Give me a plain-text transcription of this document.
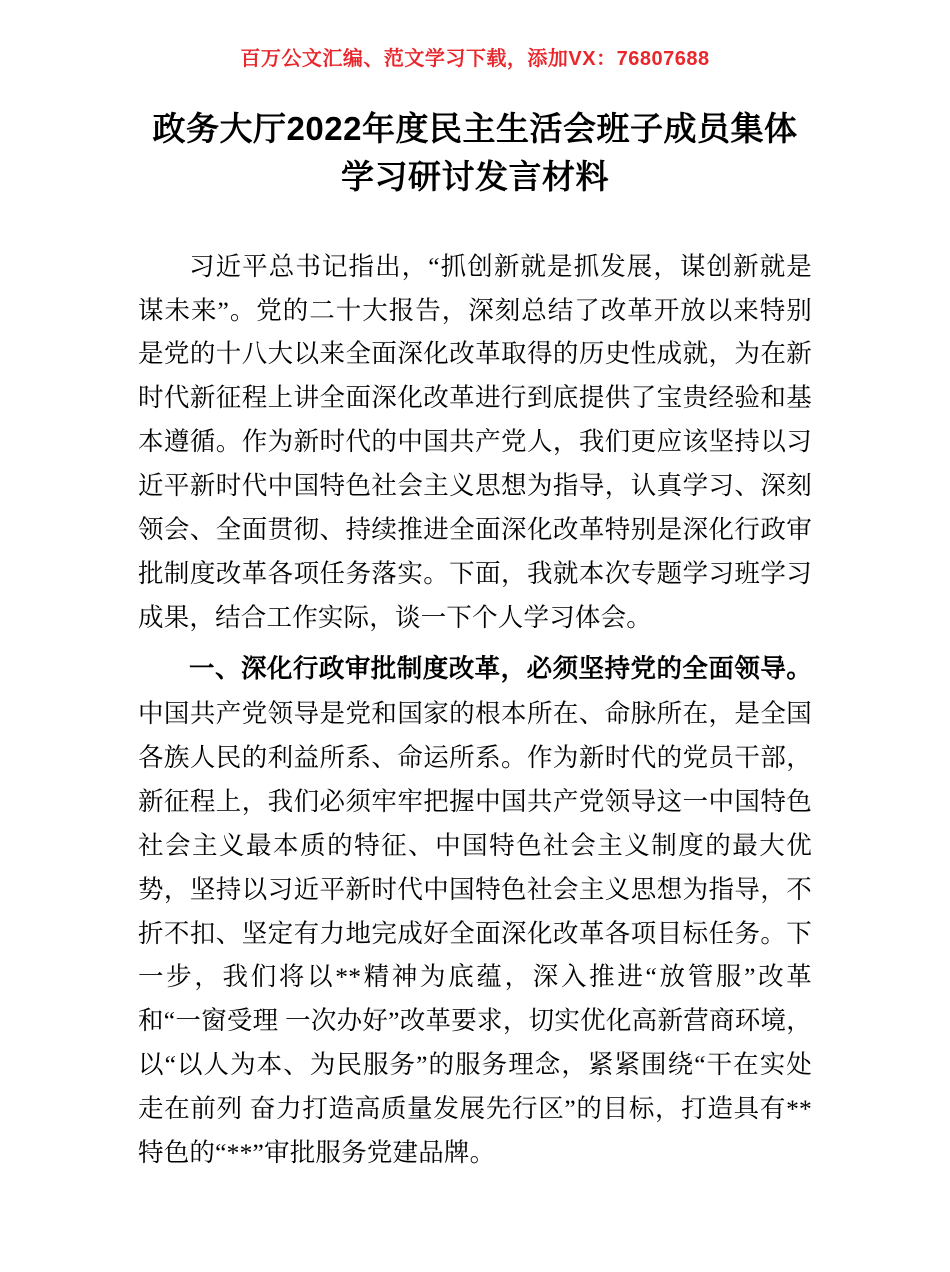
百万公文汇编、范文学习下载，添加VX：76807688
政务大厅2022年度民主生活会班子成员集体学习研讨发言材料

习近平总书记指出，“抓创新就是抓发展，谋创新就是谋未来”。党的二十大报告，深刻总结了改革开放以来特别是党的十八大以来全面深化改革取得的历史性成就，为在新时代新征程上讲全面深化改革进行到底提供了宝贵经验和基本遵循。作为新时代的中国共产党人，我们更应该坚持以习近平新时代中国特色社会主义思想为指导，认真学习、深刻领会、全面贯彻、持续推进全面深化改革特别是深化行政审批制度改革各项任务落实。下面，我就本次专题学习班学习成果，结合工作实际，谈一下个人学习体会。

一、深化行政审批制度改革，必须坚持党的全面领导。中国共产党领导是党和国家的根本所在、命脉所在，是全国各族人民的利益所系、命运所系。作为新时代的党员干部，新征程上，我们必须牢牢把握中国共产党领导这一中国特色社会主义最本质的特征、中国特色社会主义制度的最大优势，坚持以习近平新时代中国特色社会主义思想为指导，不折不扣、坚定有力地完成好全面深化改革各项目标任务。下一步，我们将以**精神为底蕴，深入推进“放管服”改革和“一窗受理 一次办好”改革要求，切实优化高新营商环境，以“以人为本、为民服务”的服务理念，紧紧围绕“干在实处 走在前列 奋力打造高质量发展先行区”的目标，打造具有**特色的“**”审批服务党建品牌。
